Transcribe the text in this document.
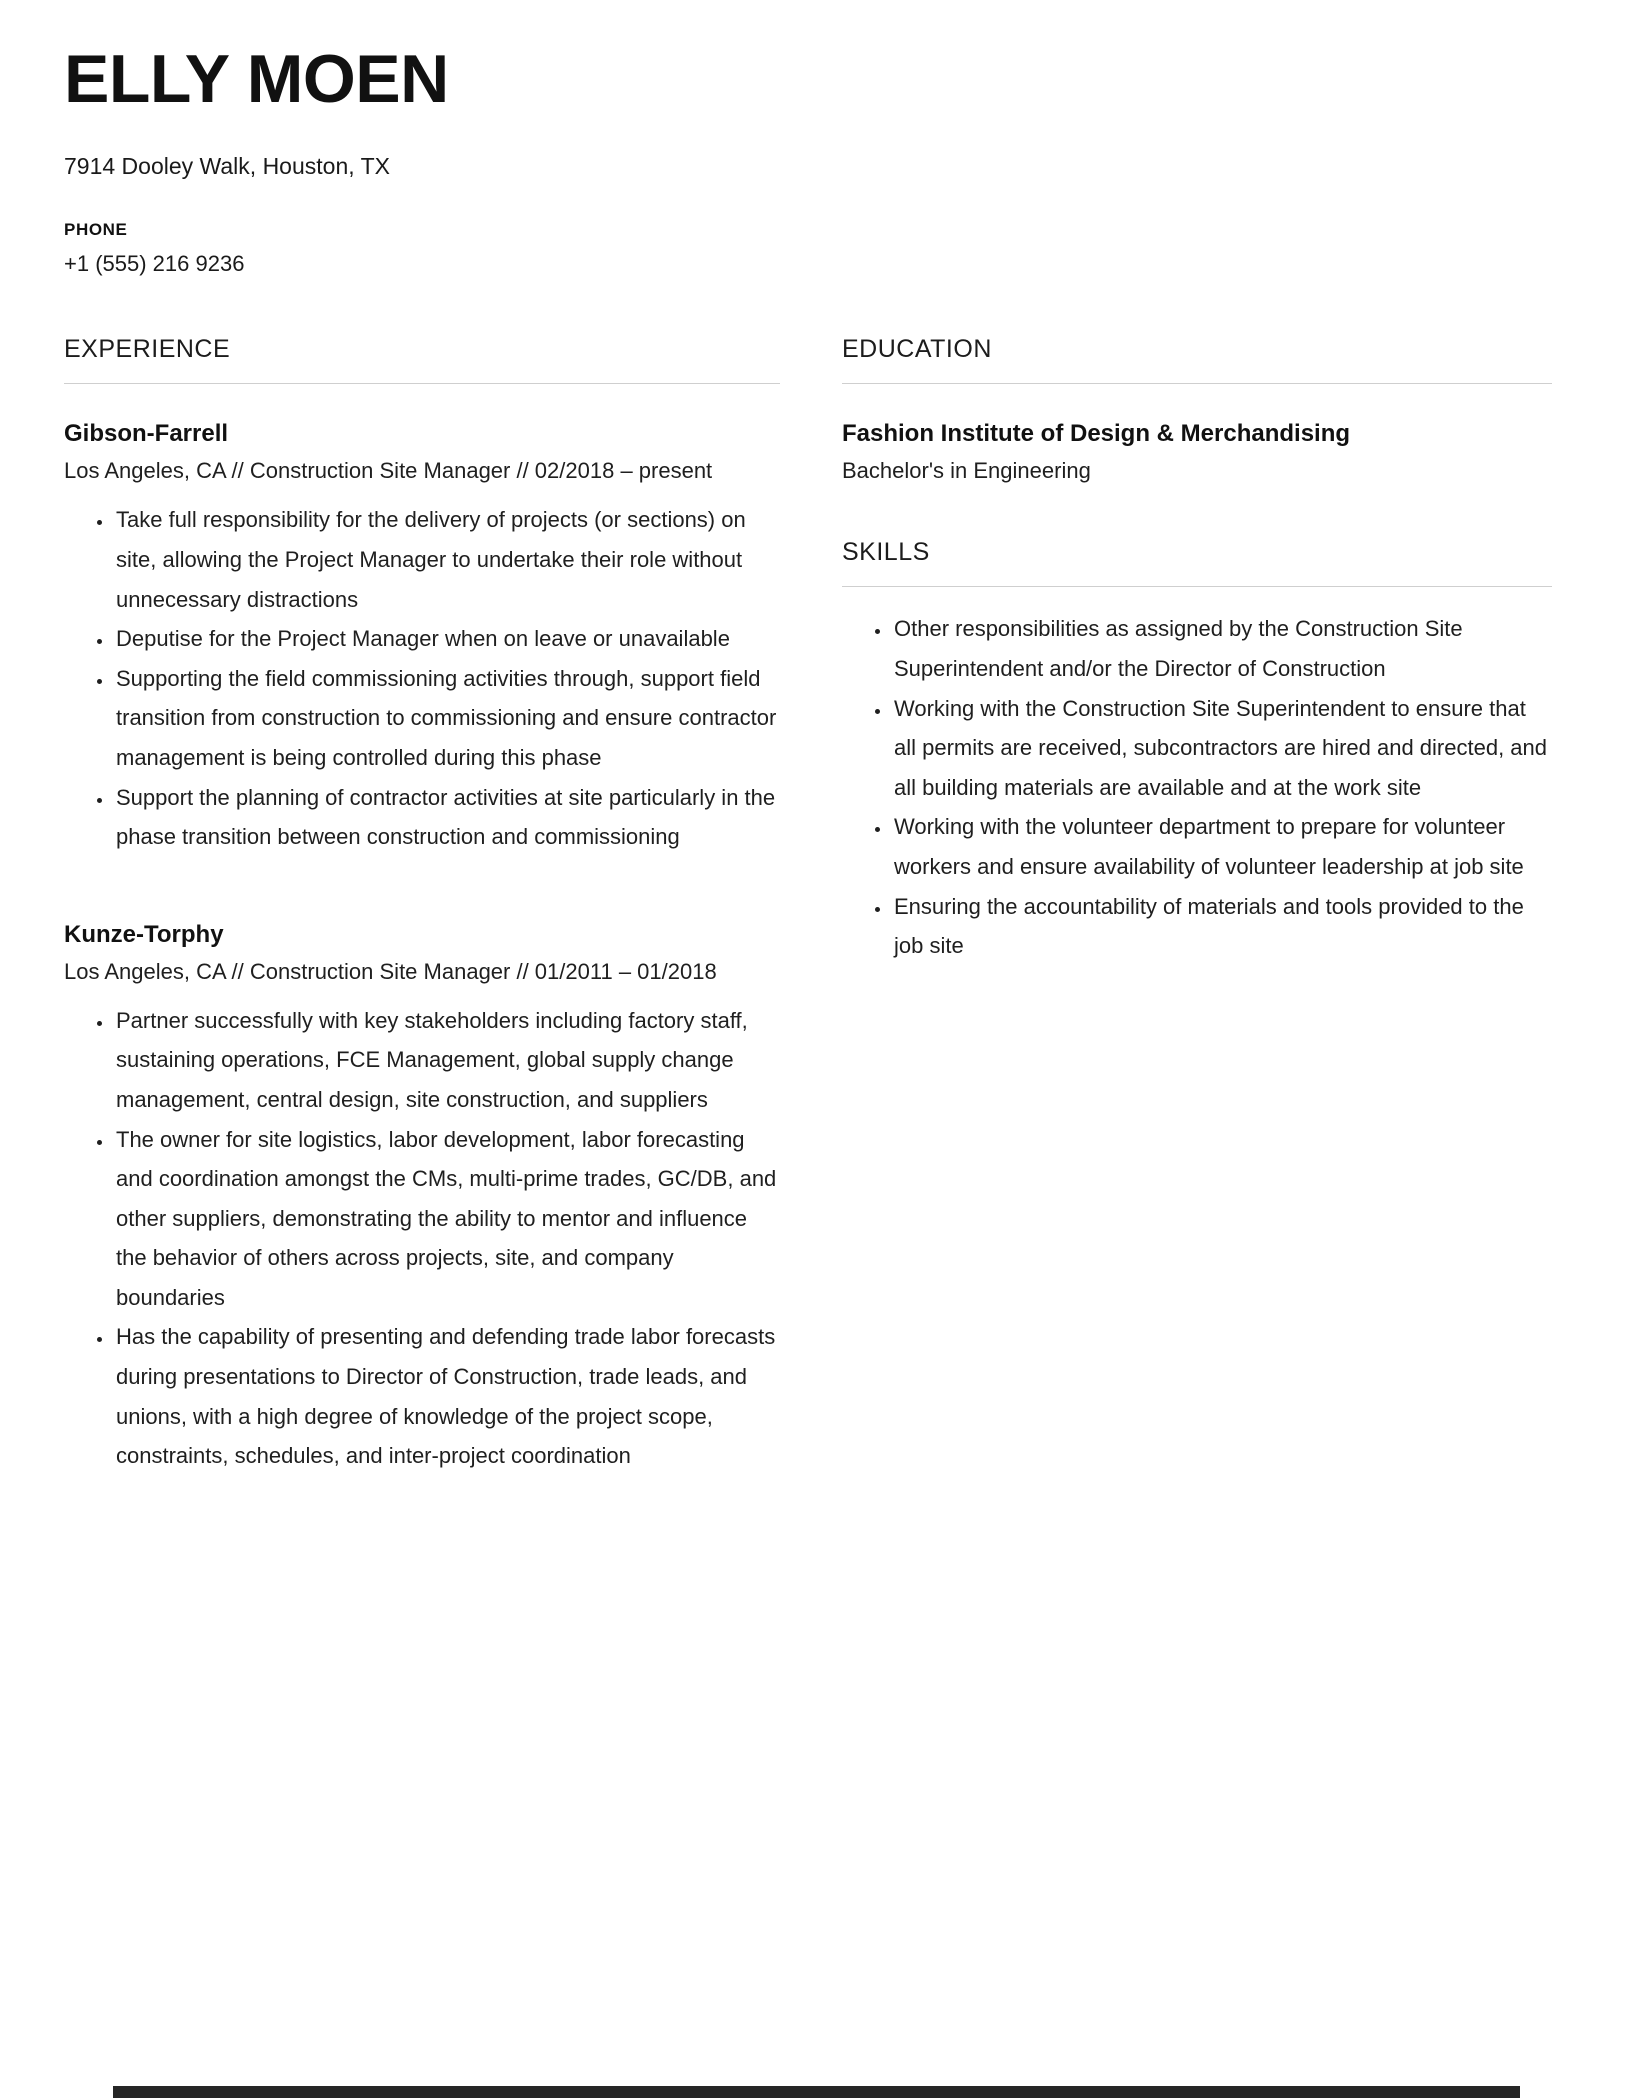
ELLY MOEN

7914 Dooley Walk, Houston, TX

PHONE

+1 (555) 216 9236

EXPERIENCE
Gibson-Farrell

Los Angeles, CA // Construction Site Manager // 02/2018 – present

• Take full responsibility for the delivery of projects (or sections) on site, allowing the Project Manager to undertake their role without unnecessary distractions
• Deputise for the Project Manager when on leave or unavailable
• Supporting the field commissioning activities through, support field transition from construction to commissioning and ensure contractor management is being controlled during this phase
• Support the planning of contractor activities at site particularly in the phase transition between construction and commissioning
Kunze-Torphy

Los Angeles, CA // Construction Site Manager // 01/2011 – 01/2018

• Partner successfully with key stakeholders including factory staff, sustaining operations, FCE Management, global supply change management, central design, site construction, and suppliers
• The owner for site logistics, labor development, labor forecasting and coordination amongst the CMs, multi-prime trades, GC/DB, and other suppliers, demonstrating the ability to mentor and influence the behavior of others across projects, site, and company boundaries
• Has the capability of presenting and defending trade labor forecasts during presentations to Director of Construction, trade leads, and unions, with a high degree of knowledge of the project scope, constraints, schedules, and inter-project coordination
EDUCATION
Fashion Institute of Design & Merchandising

Bachelor's in Engineering

SKILLS
• Other responsibilities as assigned by the Construction Site Superintendent and/or the Director of Construction
• Working with the Construction Site Superintendent to ensure that all permits are received, subcontractors are hired and directed, and all building materials are available and at the work site
• Working with the volunteer department to prepare for volunteer workers and ensure availability of volunteer leadership at job site
• Ensuring the accountability of materials and tools provided to the job site
